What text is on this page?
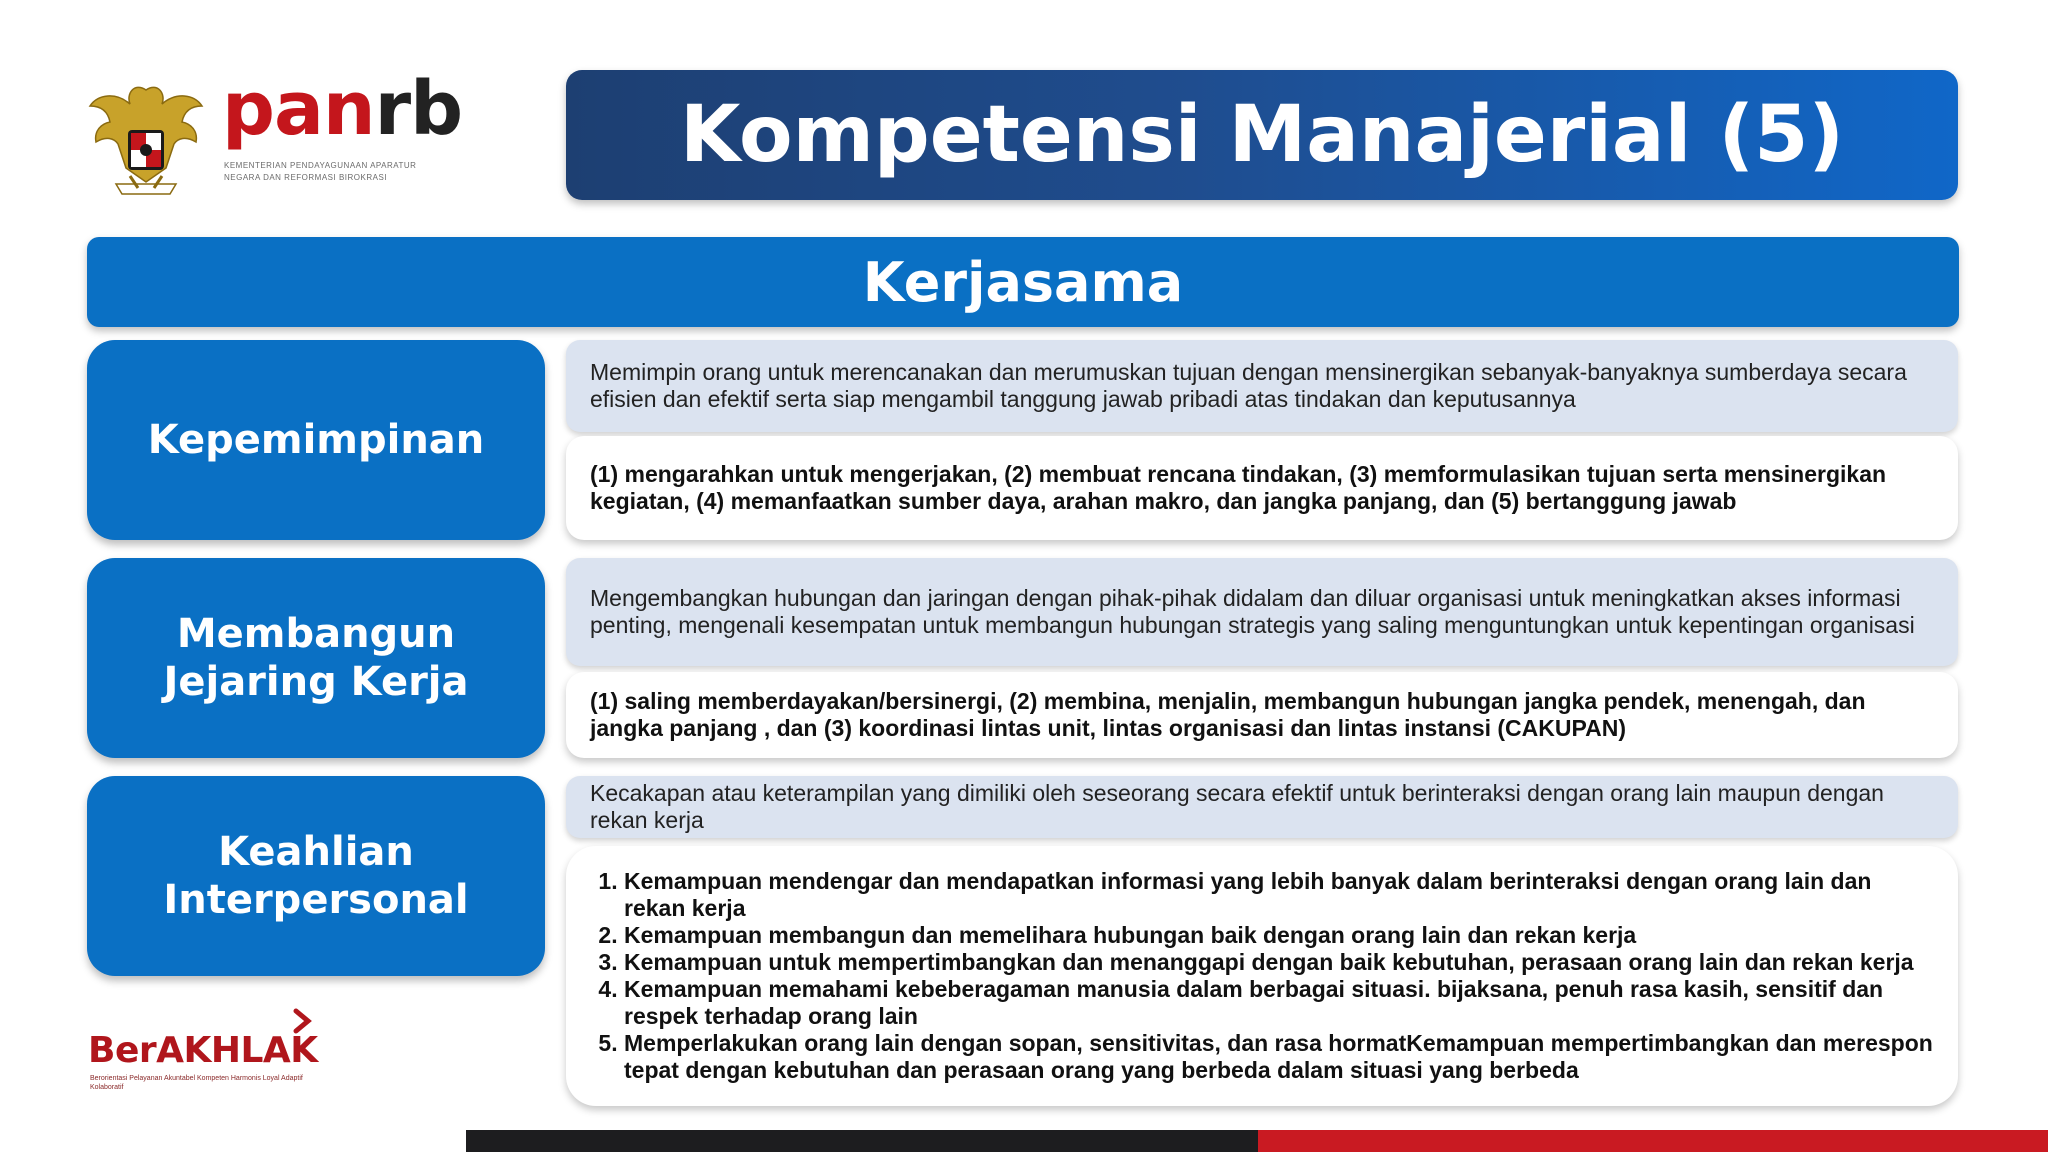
panrb
KEMENTERIAN PENDAYAGUNAAN APARATUR NEGARA DAN REFORMASI BIROKRASI	Kompetensi Manajerial (5)
Kerjasama
Kepemimpinan
Memimpin orang untuk merencanakan dan merumuskan tujuan dengan mensinergikan sebanyak-banyaknya sumberdaya secara efisien dan efektif serta siap mengambil tanggung jawab pribadi atas tindakan dan keputusannya
(1) mengarahkan untuk mengerjakan, (2) membuat rencana tindakan, (3) memformulasikan tujuan serta mensinergikan kegiatan, (4) memanfaatkan sumber daya, arahan makro, dan jangka panjang, dan (5) bertanggung jawab
Membangun
Jejaring Kerja
Mengembangkan hubungan dan jaringan dengan pihak-pihak didalam dan diluar organisasi untuk meningkatkan akses informasi penting, mengenali kesempatan untuk membangun hubungan strategis yang saling menguntungkan untuk kepentingan organisasi
(1) saling memberdayakan/bersinergi, (2) membina, menjalin, membangun hubungan jangka pendek, menengah, dan jangka panjang , dan (3) koordinasi lintas unit, lintas organisasi dan lintas instansi (CAKUPAN)
Keahlian
Interpersonal
Kecakapan atau keterampilan yang dimiliki oleh seseorang secara efektif untuk berinteraksi dengan orang lain maupun dengan rekan kerja
1. Kemampuan mendengar dan mendapatkan informasi yang lebih banyak dalam berinteraksi dengan orang lain dan rekan kerja
2. Kemampuan membangun dan memelihara hubungan baik dengan orang lain dan rekan kerja
3. Kemampuan untuk mempertimbangkan dan menanggapi dengan baik kebutuhan, perasaan orang lain dan rekan kerja
4. Kemampuan memahami kebeberagaman manusia dalam berbagai situasi. bijaksana, penuh rasa kasih, sensitif dan respek terhadap orang lain
5. Memperlakukan orang lain dengan sopan, sensitivitas, dan rasa hormatKemampuan mempertimbangkan dan merespon tepat dengan kebutuhan dan perasaan orang yang berbeda dalam situasi yang berbeda
BerAKHLAK
Berorientasi Pelayanan Akuntabel Kompeten Harmonis Loyal Adaptif Kolaboratif
